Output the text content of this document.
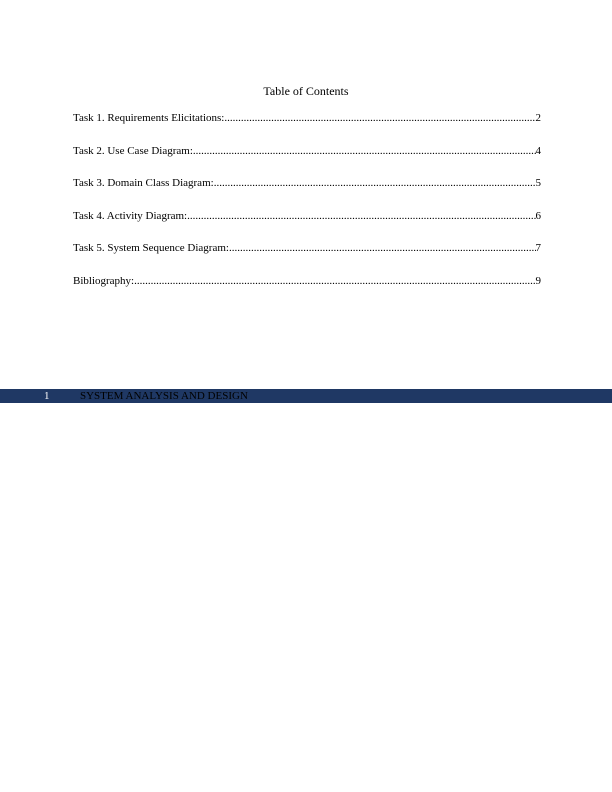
Table of Contents
Task 1. Requirements Elicitations: .....	2
Task 2. Use Case Diagram: .....	4
Task 3. Domain Class Diagram: .....	5
Task 4. Activity Diagram: .....	6
Task 5. System Sequence Diagram: .....	7
Bibliography: .....	9
1	SYSTEM ANALYSIS AND DESIGN
